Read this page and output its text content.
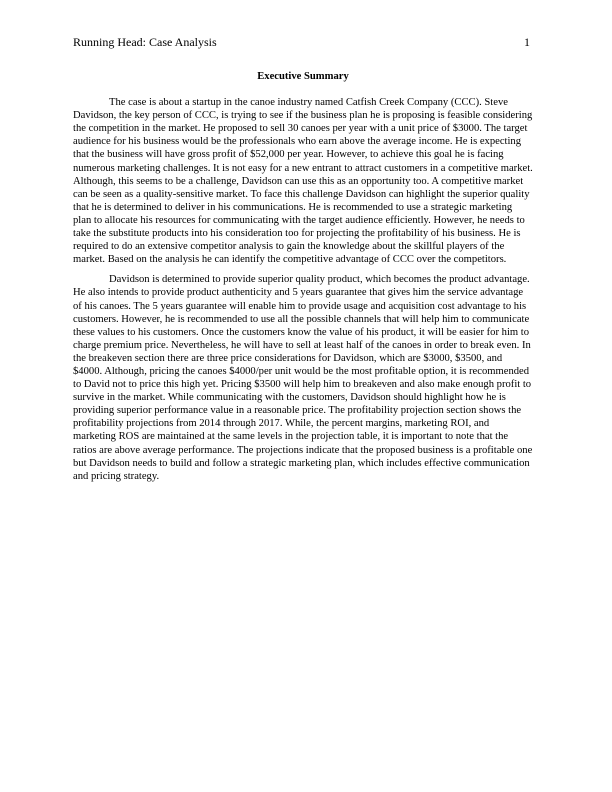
Running Head: Case Analysis	1
Executive Summary

The case is about a startup in the canoe industry named Catfish Creek Company (CCC). Steve Davidson, the key person of CCC, is trying to see if the business plan he is proposing is feasible considering the competition in the market. He proposed to sell 30 canoes per year with a unit price of $3000. The target audience for his business would be the professionals who earn above the average income. He is expecting that the business will have gross profit of $52,000 per year. However, to achieve this goal he is facing numerous marketing challenges. It is not easy for a new entrant to attract customers in a competitive market. Although, this seems to be a challenge, Davidson can use this as an opportunity too. A competitive market can be seen as a quality-sensitive market. To face this challenge Davidson can highlight the superior quality that he is determined to deliver in his communications. He is recommended to use a strategic marketing plan to allocate his resources for communicating with the target audience efficiently. However, he needs to take the substitute products into his consideration too for projecting the profitability of his business. He is required to do an extensive competitor analysis to gain the knowledge about the skillful players of the market. Based on the analysis he can identify the competitive advantage of CCC over the competitors.

Davidson is determined to provide superior quality product, which becomes the product advantage. He also intends to provide product authenticity and 5 years guarantee that gives him the service advantage of his canoes. The 5 years guarantee will enable him to provide usage and acquisition cost advantage to his customers. However, he is recommended to use all the possible channels that will help him to communicate these values to his customers. Once the customers know the value of his product, it will be easier for him to charge premium price. Nevertheless, he will have to sell at least half of the canoes in order to break even. In the breakeven section there are three price considerations for Davidson, which are $3000, $3500, and $4000. Although, pricing the canoes $4000/per unit would be the most profitable option, it is recommended to David not to price this high yet. Pricing $3500 will help him to breakeven and also make enough profit to survive in the market. While communicating with the customers, Davidson should highlight how he is providing superior performance value in a reasonable price. The profitability projection section shows the profitability projections from 2014 through 2017. While, the percent margins, marketing ROI, and marketing ROS are maintained at the same levels in the projection table, it is important to note that the ratios are above average performance. The projections indicate that the proposed business is a profitable one but Davidson needs to build and follow a strategic marketing plan, which includes effective communication and pricing strategy.
